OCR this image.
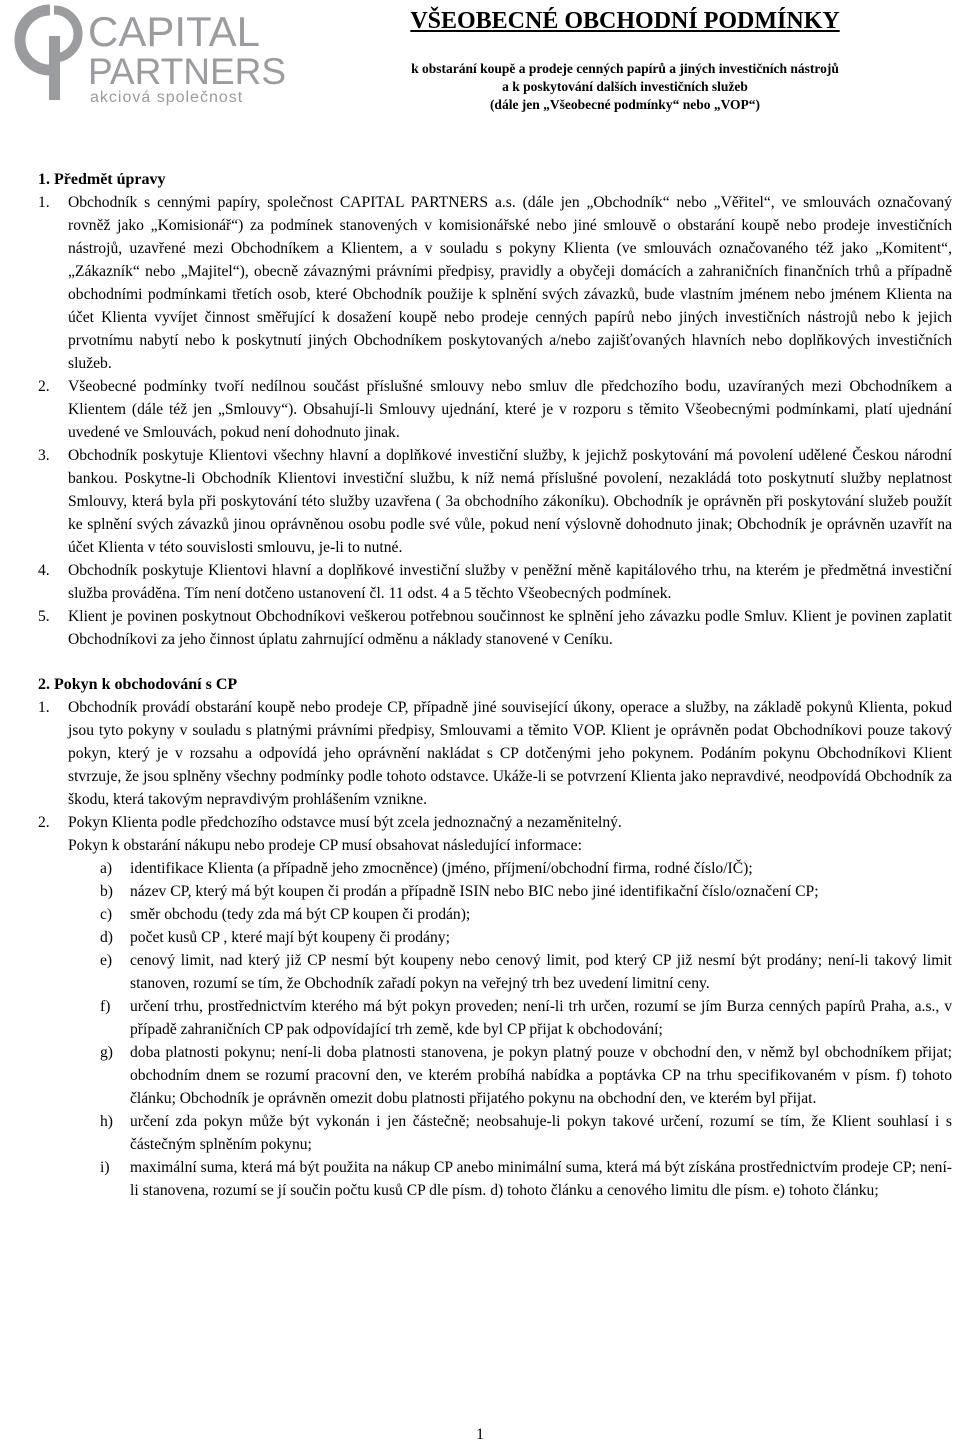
CAPITAL
PARTNERS
akciová společnost
VŠEOBECNÉ OBCHODNÍ PODMÍNKY
k obstarání koupě a prodeje cenných papírů a jiných investičních nástrojů
a k poskytování dalších investičních služeb
(dále jen „Všeobecné podmínky“ nebo „VOP“)
1. Předmět úpravy
1.	Obchodník s cennými papíry, společnost CAPITAL PARTNERS a.s. (dále jen „Obchodník“ nebo „Věřitel“, ve smlouvách označovaný rovněž jako „Komisionář“) za podmínek stanovených v komisionářské nebo jiné smlouvě o obstarání koupě nebo prodeje investičních nástrojů, uzavřené mezi Obchodníkem a Klientem, a v souladu s pokyny Klienta (ve smlouvách označovaného též jako „Komitent“, „Zákazník“ nebo „Majitel“), obecně závaznými právními předpisy, pravidly a obyčeji domácích a zahraničních finančních trhů a případně obchodními podmínkami třetích osob, které Obchodník použije k splnění svých závazků, bude vlastním jménem nebo jménem Klienta na účet Klienta vyvíjet činnost směřující k dosažení koupě nebo prodeje cenných papírů nebo jiných investičních nástrojů nebo k jejich prvotnímu nabytí nebo k poskytnutí jiných Obchodníkem poskytovaných a/nebo zajišťovaných hlavních nebo doplňkových investičních služeb.
2.	Všeobecné podmínky tvoří nedílnou součást příslušné smlouvy nebo smluv dle předchozího bodu, uzavíraných mezi Obchodníkem a Klientem (dále též jen „Smlouvy“). Obsahují-li Smlouvy ujednání, které je v rozporu s těmito Všeobecnými podmínkami, platí ujednání uvedené ve Smlouvách, pokud není dohodnuto jinak.
3.	Obchodník poskytuje Klientovi všechny hlavní a doplňkové investiční služby, k jejichž poskytování má povolení udělené Českou národní bankou. Poskytne-li Obchodník Klientovi investiční službu, k níž nemá příslušné povolení, nezakládá toto poskytnutí služby neplatnost Smlouvy, která byla při poskytování této služby uzavřena ( 3a obchodního zákoníku). Obchodník je oprávněn při poskytování služeb použít ke splnění svých závazků jinou oprávněnou osobu podle své vůle, pokud není výslovně dohodnuto jinak; Obchodník je oprávněn uzavřít na účet Klienta v této souvislosti smlouvu, je-li to nutné.
4.	Obchodník poskytuje Klientovi hlavní a doplňkové investiční služby v peněžní měně kapitálového trhu, na kterém je předmětná investiční služba prováděna. Tím není dotčeno ustanovení čl. 11 odst. 4 a 5 těchto Všeobecných podmínek.
5.	Klient je povinen poskytnout Obchodníkovi veškerou potřebnou součinnost ke splnění jeho závazku podle Smluv. Klient je povinen zaplatit Obchodníkovi za jeho činnost úplatu zahrnující odměnu a náklady stanovené v Ceníku.
2. Pokyn k obchodování s CP
1.	Obchodník provádí obstarání koupě nebo prodeje CP, případně jiné související úkony, operace a služby, na základě pokynů Klienta, pokud jsou tyto pokyny v souladu s platnými právními předpisy, Smlouvami a těmito VOP. Klient je oprávněn podat Obchodníkovi pouze takový pokyn, který je v rozsahu a odpovídá jeho oprávnění nakládat s CP dotčenými jeho pokynem. Podáním pokynu Obchodníkovi Klient stvrzuje, že jsou splněny všechny podmínky podle tohoto odstavce. Ukáže-li se potvrzení Klienta jako nepravdivé, neodpovídá Obchodník za škodu, která takovým nepravdivým prohlášením vznikne.
2.	Pokyn Klienta podle předchozího odstavce musí být zcela jednoznačný a nezaměnitelný.
Pokyn k obstarání nákupu nebo prodeje CP musí obsahovat následující informace:
a)	identifikace Klienta (a případně jeho zmocněnce) (jméno, příjmení/obchodní firma, rodné číslo/IČ);
b)	název CP, který má být koupen či prodán a případně ISIN nebo BIC nebo jiné identifikační číslo/označení CP;
c)	směr obchodu (tedy zda má být CP koupen či prodán);
d)	počet kusů CP , které mají být koupeny či prodány;
e)	cenový limit, nad který již CP nesmí být koupeny nebo cenový limit, pod který CP již nesmí být prodány; není-li takový limit stanoven, rozumí se tím, že Obchodník zařadí pokyn na veřejný trh bez uvedení limitní ceny.
f)	určení trhu, prostřednictvím kterého má být pokyn proveden; není-li trh určen, rozumí se jím Burza cenných papírů Praha, a.s., v případě zahraničních CP pak odpovídající trh země, kde byl CP přijat k obchodování;
g)	doba platnosti pokynu; není-li doba platnosti stanovena, je pokyn platný pouze v obchodní den, v němž byl obchodníkem přijat; obchodním dnem se rozumí pracovní den, ve kterém probíhá nabídka a poptávka CP na trhu specifikovaném v písm. f) tohoto článku; Obchodník je oprávněn omezit dobu platnosti přijatého pokynu na obchodní den, ve kterém byl přijat.
h)	určení zda pokyn může být vykonán i jen částečně; neobsahuje-li pokyn takové určení, rozumí se tím, že Klient souhlasí i s částečným splněním pokynu;
i)	maximální suma, která má být použita na nákup CP anebo minimální suma, která má být získána prostřednictvím prodeje CP; není-li stanovena, rozumí se jí součin počtu kusů CP dle písm. d) tohoto článku a cenového limitu dle písm. e) tohoto článku;
1
